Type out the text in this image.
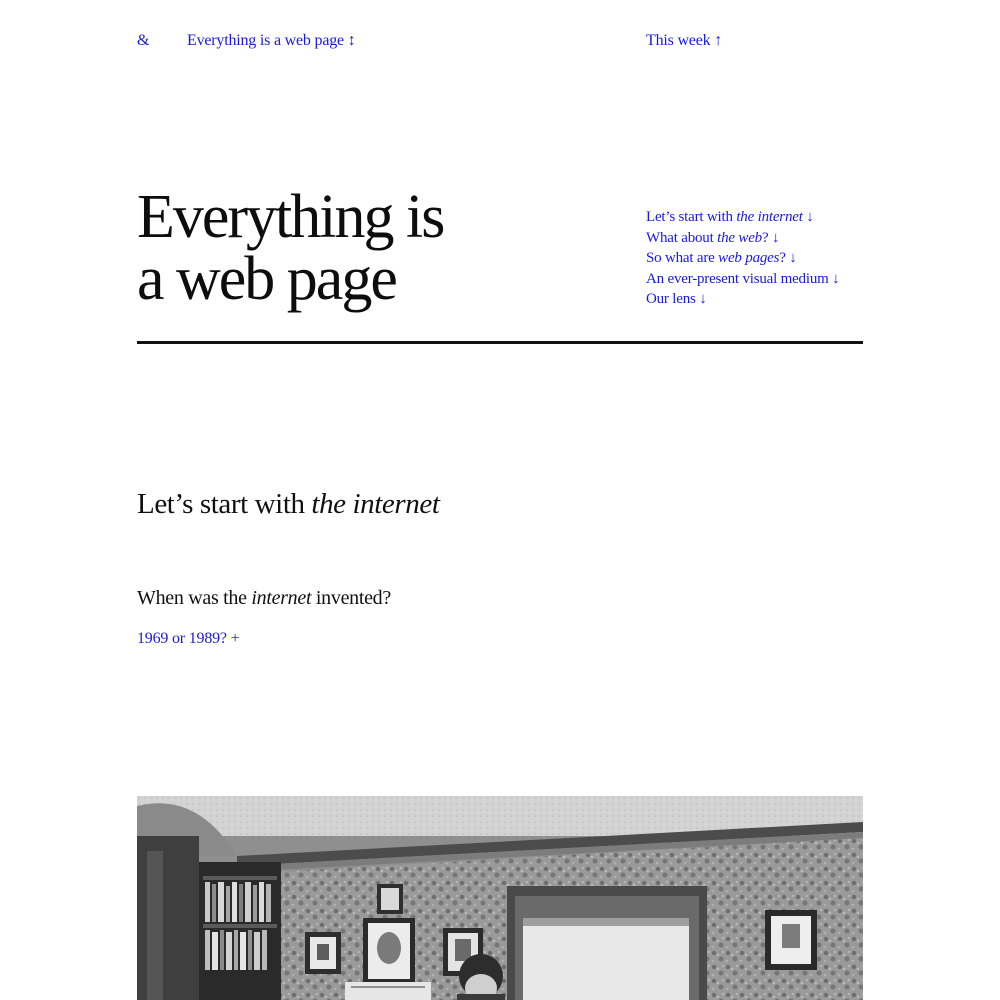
& Everything is a web page ↕	This week ↑
Everything is
a web page
Let’s start with the internet ↓
What about the web? ↓
So what are web pages? ↓
An ever-present visual medium ↓
Our lens ↓
Let’s start with the internet

When was the internet invented?

1969 or 1989? +
